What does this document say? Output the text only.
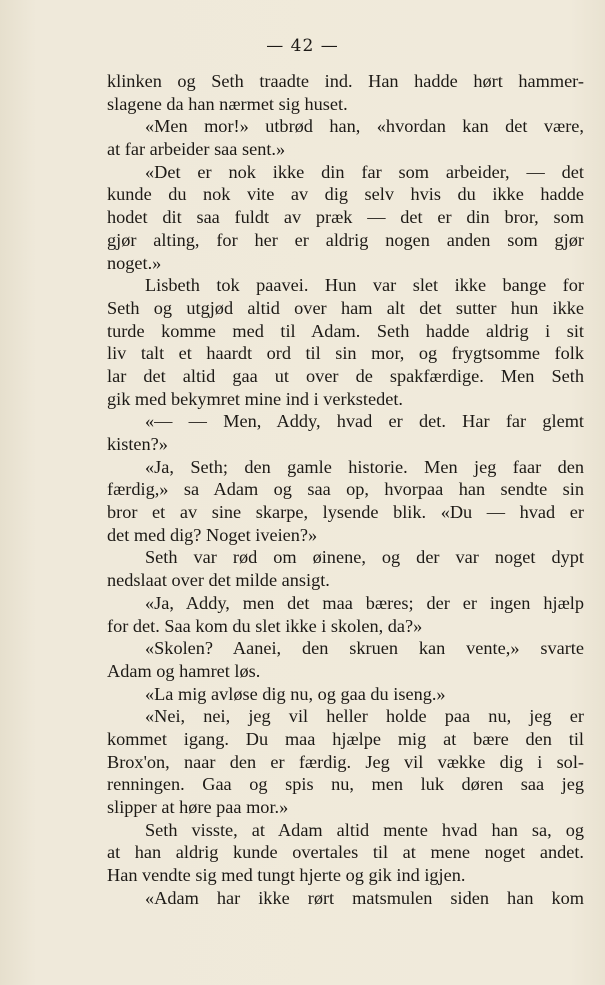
— 42 —
klinken og Seth traadte ind. Han hadde hørt hammer-
slagene da han nærmet sig huset.
«Men mor!» utbrød han, «hvordan kan det være,
at far arbeider saa sent.»
«Det er nok ikke din far som arbeider, — det
kunde du nok vite av dig selv hvis du ikke hadde
hodet dit saa fuldt av præk — det er din bror, som
gjør alting, for her er aldrig nogen anden som gjør
noget.»
Lisbeth tok paavei. Hun var slet ikke bange for
Seth og utgjød altid over ham alt det sutter hun ikke
turde komme med til Adam. Seth hadde aldrig i sit
liv talt et haardt ord til sin mor, og frygtsomme folk
lar det altid gaa ut over de spakfærdige. Men Seth
gik med bekymret mine ind i verkstedet.
«— — Men, Addy, hvad er det. Har far glemt
kisten?»
«Ja, Seth; den gamle historie. Men jeg faar den
færdig,» sa Adam og saa op, hvorpaa han sendte sin
bror et av sine skarpe, lysende blik. «Du — hvad er
det med dig? Noget iveien?»
Seth var rød om øinene, og der var noget dypt
nedslaat over det milde ansigt.
«Ja, Addy, men det maa bæres; der er ingen hjælp
for det. Saa kom du slet ikke i skolen, da?»
«Skolen? Aanei, den skruen kan vente,» svarte
Adam og hamret løs.
«La mig avløse dig nu, og gaa du iseng.»
«Nei, nei, jeg vil heller holde paa nu, jeg er
kommet igang. Du maa hjælpe mig at bære den til
Brox'on, naar den er færdig. Jeg vil vække dig i sol-
renningen. Gaa og spis nu, men luk døren saa jeg
slipper at høre paa mor.»
Seth visste, at Adam altid mente hvad han sa, og
at han aldrig kunde overtales til at mene noget andet.
Han vendte sig med tungt hjerte og gik ind igjen.
«Adam har ikke rørt matsmulen siden han kom
